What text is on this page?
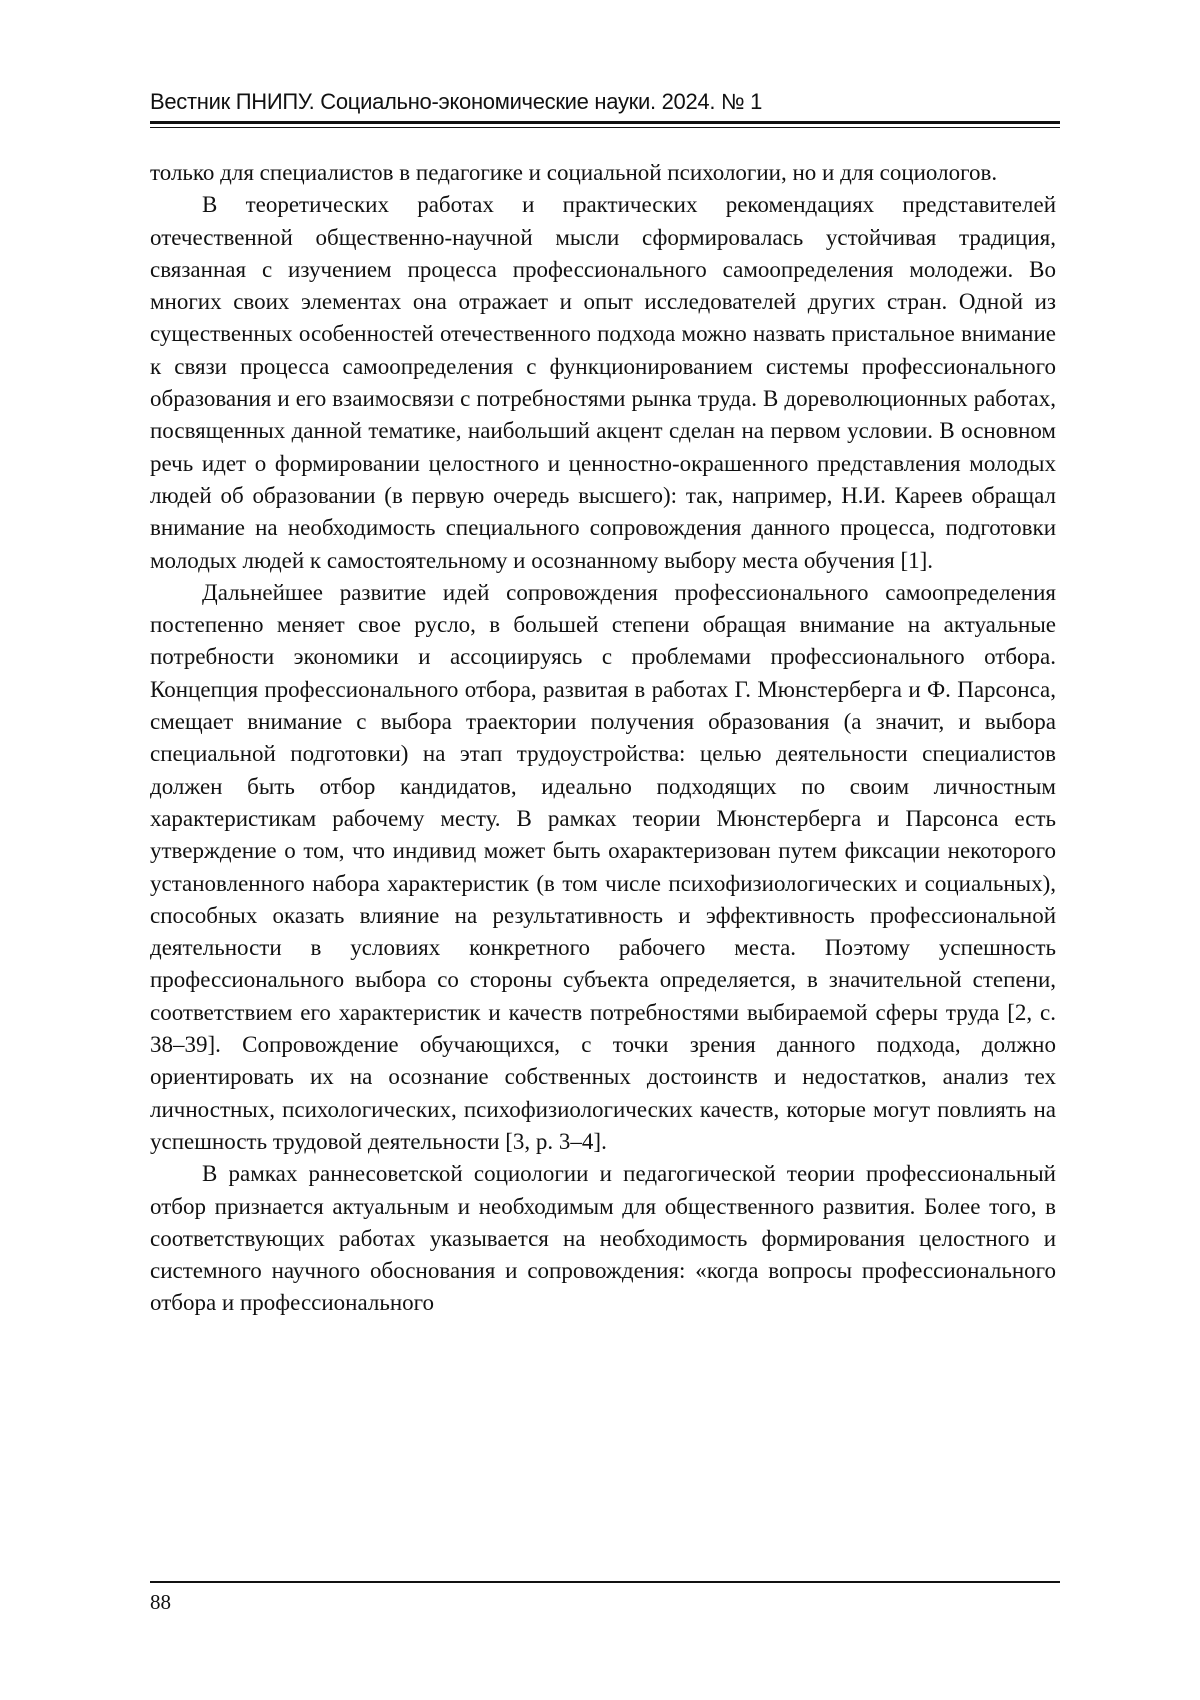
Вестник ПНИПУ. Социально-экономические науки. 2024. № 1

только для специалистов в педагогике и социальной психологии, но и для социологов.

В теоретических работах и практических рекомендациях представителей отечественной общественно-научной мысли сформировалась устойчивая традиция, связанная с изучением процесса профессионального самоопределения молодежи. Во многих своих элементах она отражает и опыт исследователей других стран. Одной из существенных особенностей отечественного подхода можно назвать пристальное внимание к связи процесса самоопределения с функционированием системы профессионального образования и его взаимосвязи с потребностями рынка труда. В дореволюционных работах, посвященных данной тематике, наибольший акцент сделан на первом условии. В основном речь идет о формировании целостного и ценностно-окрашенного представления молодых людей об образовании (в первую очередь высшего): так, например, Н.И. Кареев обращал внимание на необходимость специального сопровождения данного процесса, подготовки молодых людей к самостоятельному и осознанному выбору места обучения [1].

Дальнейшее развитие идей сопровождения профессионального самоопределения постепенно меняет свое русло, в большей степени обращая внимание на актуальные потребности экономики и ассоциируясь с проблемами профессионального отбора. Концепция профессионального отбора, развитая в работах Г. Мюнстерберга и Ф. Парсонса, смещает внимание с выбора траектории получения образования (а значит, и выбора специальной подготовки) на этап трудоустройства: целью деятельности специалистов должен быть отбор кандидатов, идеально подходящих по своим личностным характеристикам рабочему месту. В рамках теории Мюнстерберга и Парсонса есть утверждение о том, что индивид может быть охарактеризован путем фиксации некоторого установленного набора характеристик (в том числе психофизиологических и социальных), способных оказать влияние на результативность и эффективность профессиональной деятельности в условиях конкретного рабочего места. Поэтому успешность профессионального выбора со стороны субъекта определяется, в значительной степени, соответствием его характеристик и качеств потребностями выбираемой сферы труда [2, с. 38–39]. Сопровождение обучающихся, с точки зрения данного подхода, должно ориентировать их на осознание собственных достоинств и недостатков, анализ тех личностных, психологических, психофизиологических качеств, которые могут повлиять на успешность трудовой деятельности [3, р. 3–4].

В рамках раннесоветской социологии и педагогической теории профессиональный отбор признается актуальным и необходимым для общественного развития. Более того, в соответствующих работах указывается на необходимость формирования целостного и системного научного обоснования и сопровождения: «когда вопросы профессионального отбора и профессионального

88
